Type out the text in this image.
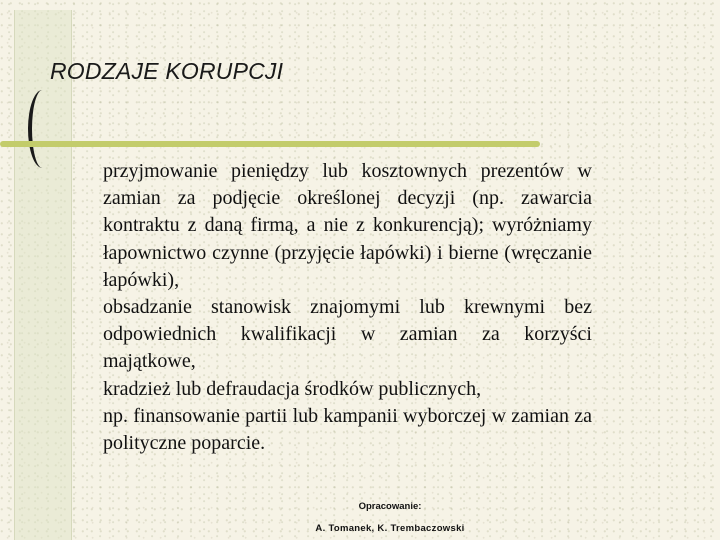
RODZAJE KORUPCJI

przyjmowanie pieniędzy lub kosztownych prezentów w zamian za podjęcie określonej decyzji (np. zawarcia kontraktu z daną firmą, a nie z konkurencją); wyróżniamy łapownictwo czynne (przyjęcie łapówki) i bierne (wręczanie łapówki),

obsadzanie stanowisk znajomymi lub krewnymi bez odpowiednich kwalifikacji w zamian za korzyści majątkowe,

kradzież lub defraudacja środków publicznych,

np. finansowanie partii lub kampanii wyborczej w zamian za polityczne poparcie.

Opracowanie:
A. Tomanek, K. Trembaczowski
